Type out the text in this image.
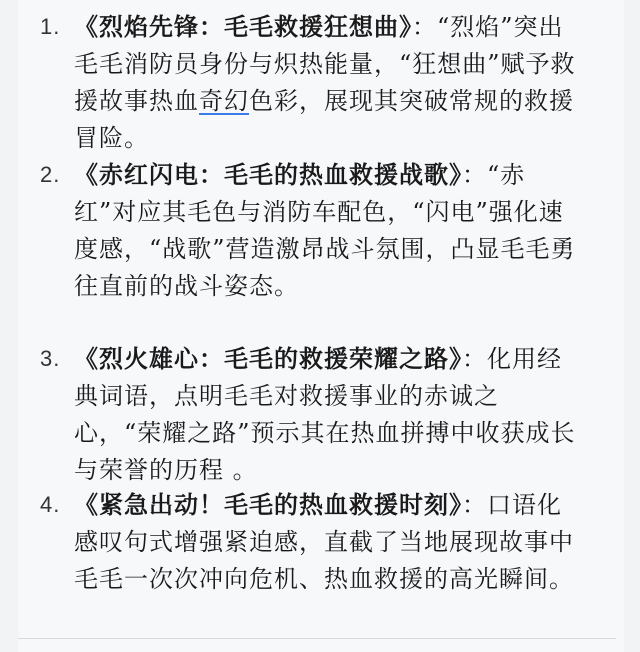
1. 《烈焰先锋：毛毛救援狂想曲》：“烈焰”突出毛毛消防员身份与炽热能量，“狂想曲”赋予救援故事热血奇幻色彩，展现其突破常规的救援冒险。
2. 《赤红闪电：毛毛的热血救援战歌》：“赤红”对应其毛色与消防车配色，“闪电”强化速度感，“战歌”营造激昂战斗氛围，凸显毛毛勇往直前的战斗姿态。
3. 《烈火雄心：毛毛的救援荣耀之路》：化用经典词语，点明毛毛对救援事业的赤诚之心，“荣耀之路”预示其在热血拼搏中收获成长与荣誉的历程 。
4. 《紧急出动！毛毛的热血救援时刻》：口语化感叹句式增强紧迫感，直截了当地展现故事中毛毛一次次冲向危机、热血救援的高光瞬间。
